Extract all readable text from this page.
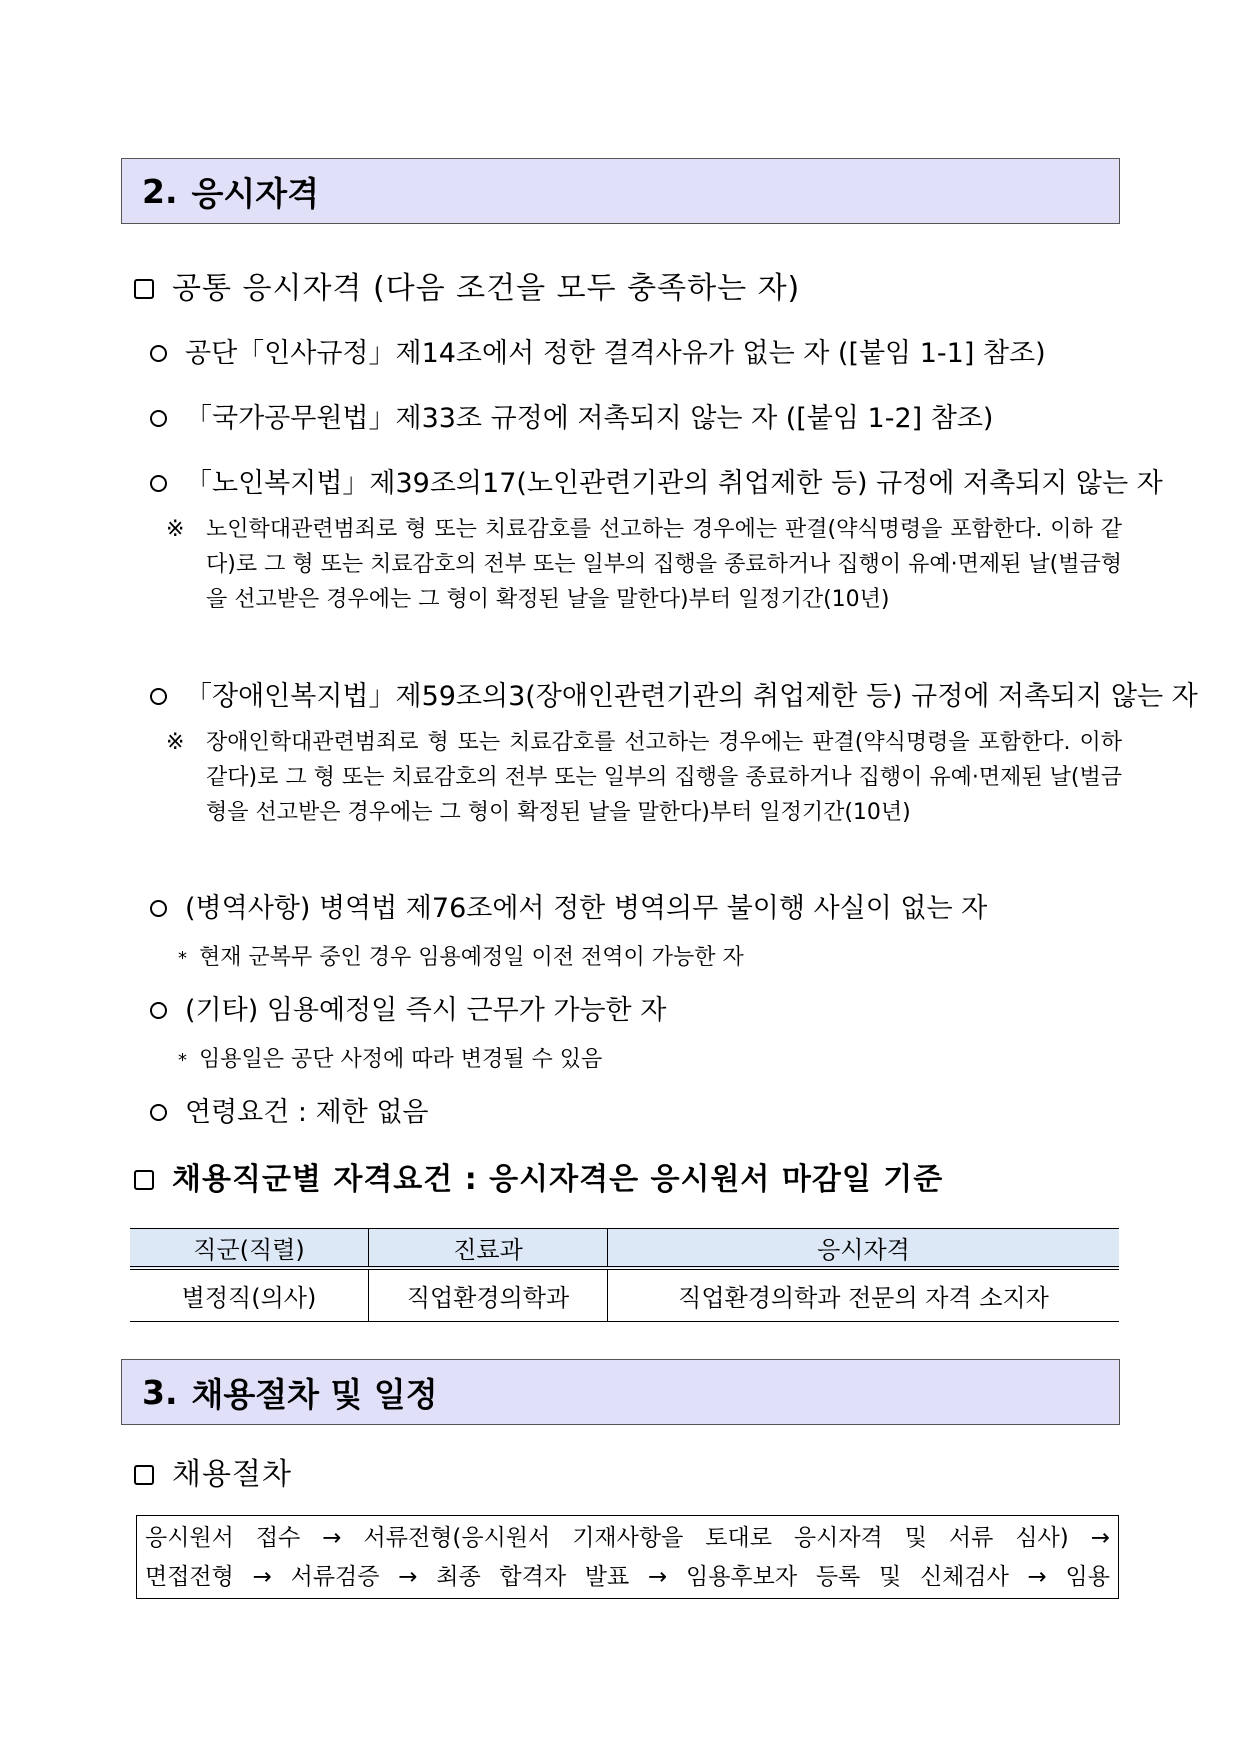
2. 응시자격
공통 응시자격 (다음 조건을 모두 충족하는 자)
공단「인사규정」제14조에서 정한 결격사유가 없는 자 ([붙임 1-1] 참조)
「국가공무원법」제33조 규정에 저촉되지 않는 자 ([붙임 1-2] 참조)
「노인복지법」제39조의17(노인관련기관의 취업제한 등) 규정에 저촉되지 않는 자
※ 노인학대관련범죄로 형 또는 치료감호를 선고하는 경우에는 판결(약식명령을 포함한다. 이하 같다)로 그 형 또는 치료감호의 전부 또는 일부의 집행을 종료하거나 집행이 유예·면제된 날(벌금형을 선고받은 경우에는 그 형이 확정된 날을 말한다)부터 일정기간(10년)
「장애인복지법」제59조의3(장애인관련기관의 취업제한 등) 규정에 저촉되지 않는 자
※ 장애인학대관련범죄로 형 또는 치료감호를 선고하는 경우에는 판결(약식명령을 포함한다. 이하 같다)로 그 형 또는 치료감호의 전부 또는 일부의 집행을 종료하거나 집행이 유예·면제된 날(벌금형을 선고받은 경우에는 그 형이 확정된 날을 말한다)부터 일정기간(10년)
(병역사항) 병역법 제76조에서 정한 병역의무 불이행 사실이 없는 자
* 현재 군복무 중인 경우 임용예정일 이전 전역이 가능한 자
(기타) 임용예정일 즉시 근무가 가능한 자
* 임용일은 공단 사정에 따라 변경될 수 있음
연령요건 : 제한 없음
채용직군별 자격요건 : 응시자격은 응시원서 마감일 기준
직군(직렬)	진료과	응시자격
별정직(의사)	직업환경의학과	직업환경의학과 전문의 자격 소지자
3. 채용절차 및 일정
채용절차
응시원서 접수 → 서류전형(응시원서 기재사항을 토대로 응시자격 및 서류 심사) →
면접전형 → 서류검증 → 최종 합격자 발표 → 임용후보자 등록 및 신체검사 → 임용
